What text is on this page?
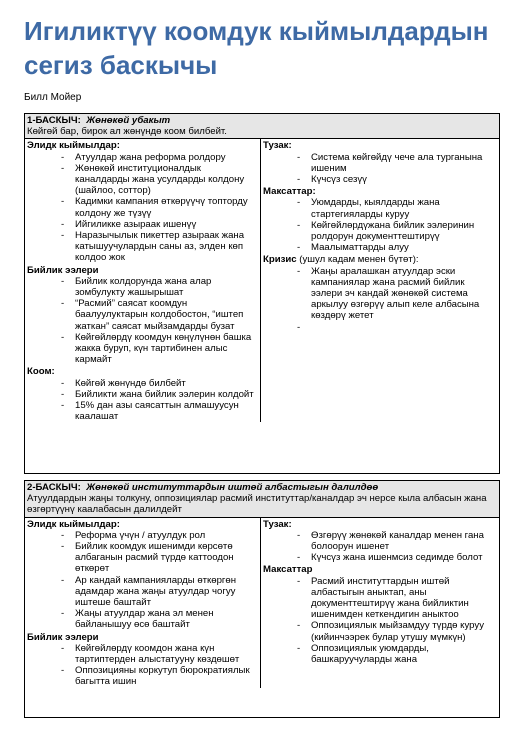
Игиликтүү коомдук кыймылдардын сегиз баскычы
Билл Мойер
1-БАСКЫЧ: Жөнөкөй убакыт
Көйгөй бар, бирок ал жөнүндө коом билбейт.
Элидк кыймылдар:
- Атуулдар жана реформа ролдору
- Жөнөкөй институционалдык каналдарды жана усулдарды колдону (шайлоо, соттор)
- Кадимки кампания өткөрүүчү топторду колдону же түзүү
- Ийгиликке азыраак ишенүү
- Наразычылык пикеттер азыраак жана катышуучулардын саны аз, элден көп колдоо жок
Бийлик ээлери
- Бийлик колдорунда жана алар зомбулукту жашырышат
- “Расмий” саясат коомдун баалуулуктарын колдобостон, “иштеп жаткан” саясат мыйзамдарды бузат
- Көйгөйлөрдү коомдун көңүлүнөн башка жакка буруп, күн тартибинен алыс кармайт
Коом:
- Көйгөй жөнүндө билбейт
- Бийликти жана бийлик ээлерин колдойт
- 15% дан азы саясаттын алмашуусун каалашат
Тузак:
- Система көйгөйдү чече ала турганына ишеним
- Күчсүз сезүү
Максаттар:
- Уюмдарды, кыялдарды жана стартегияларды куруу
- Көйгөйлөрдүжана бийлик ээлеринин ролдорун документтештирүү
- Маалыматтарды алуу
Кризис (ушул кадам менен бүтөт):
- Жаңы аралашкан атуулдар эски кампаниялар жана расмий бийлик ээлери эч кандай жөнөкөй система аркылуу өзгөрүү алып келе албасына көздөрү жетет
-
2-БАСКЫЧ: Жөнөкөй институттардын иштөй албастыгын далилдөө
Атуулдардын жаңы толкуну, оппозициялар расмий институттар/каналдар эч нерсе кыла албасын жана өзгөртүүнү каалабасын далилдейт
Элидк кыймылдар:
- Реформа үчүн / атуулдук рол
- Бийлик коомдук ишенимди көрсөтө албаганын расмий түрдө каттоодон өткөрөт
- Ар кандай кампанияларды өткөргөн адамдар жана жаңы атуулдар чогуу иштеше баштайт
- Жаңы атуулдар жана эл менен байланышуу өсө баштайт
Бийлик ээлери
- Көйгөйлөрдү коомдон жана күн тартиптерден алыстатууну көздөшөт
- Оппозицияны коркутуп бюрократиялык багытта ишин
Тузак:
- Өзгөрүү жөнөкөй каналдар менен гана болоорун ишенет
- Күчсүз жана ишенмсиз седимде болот
Максаттар
- Расмий институттардын иштөй албастыгын аныктап, аны документтештирүү жана бийликтин ишенимден кеткендигин аныктоо
- Оппозициялык мыйзамдуу түрдө куруу (кийинчээрек булар утушу мүмкүн)
- Оппозициялык уюмдарды, башкаруучуларды жана
